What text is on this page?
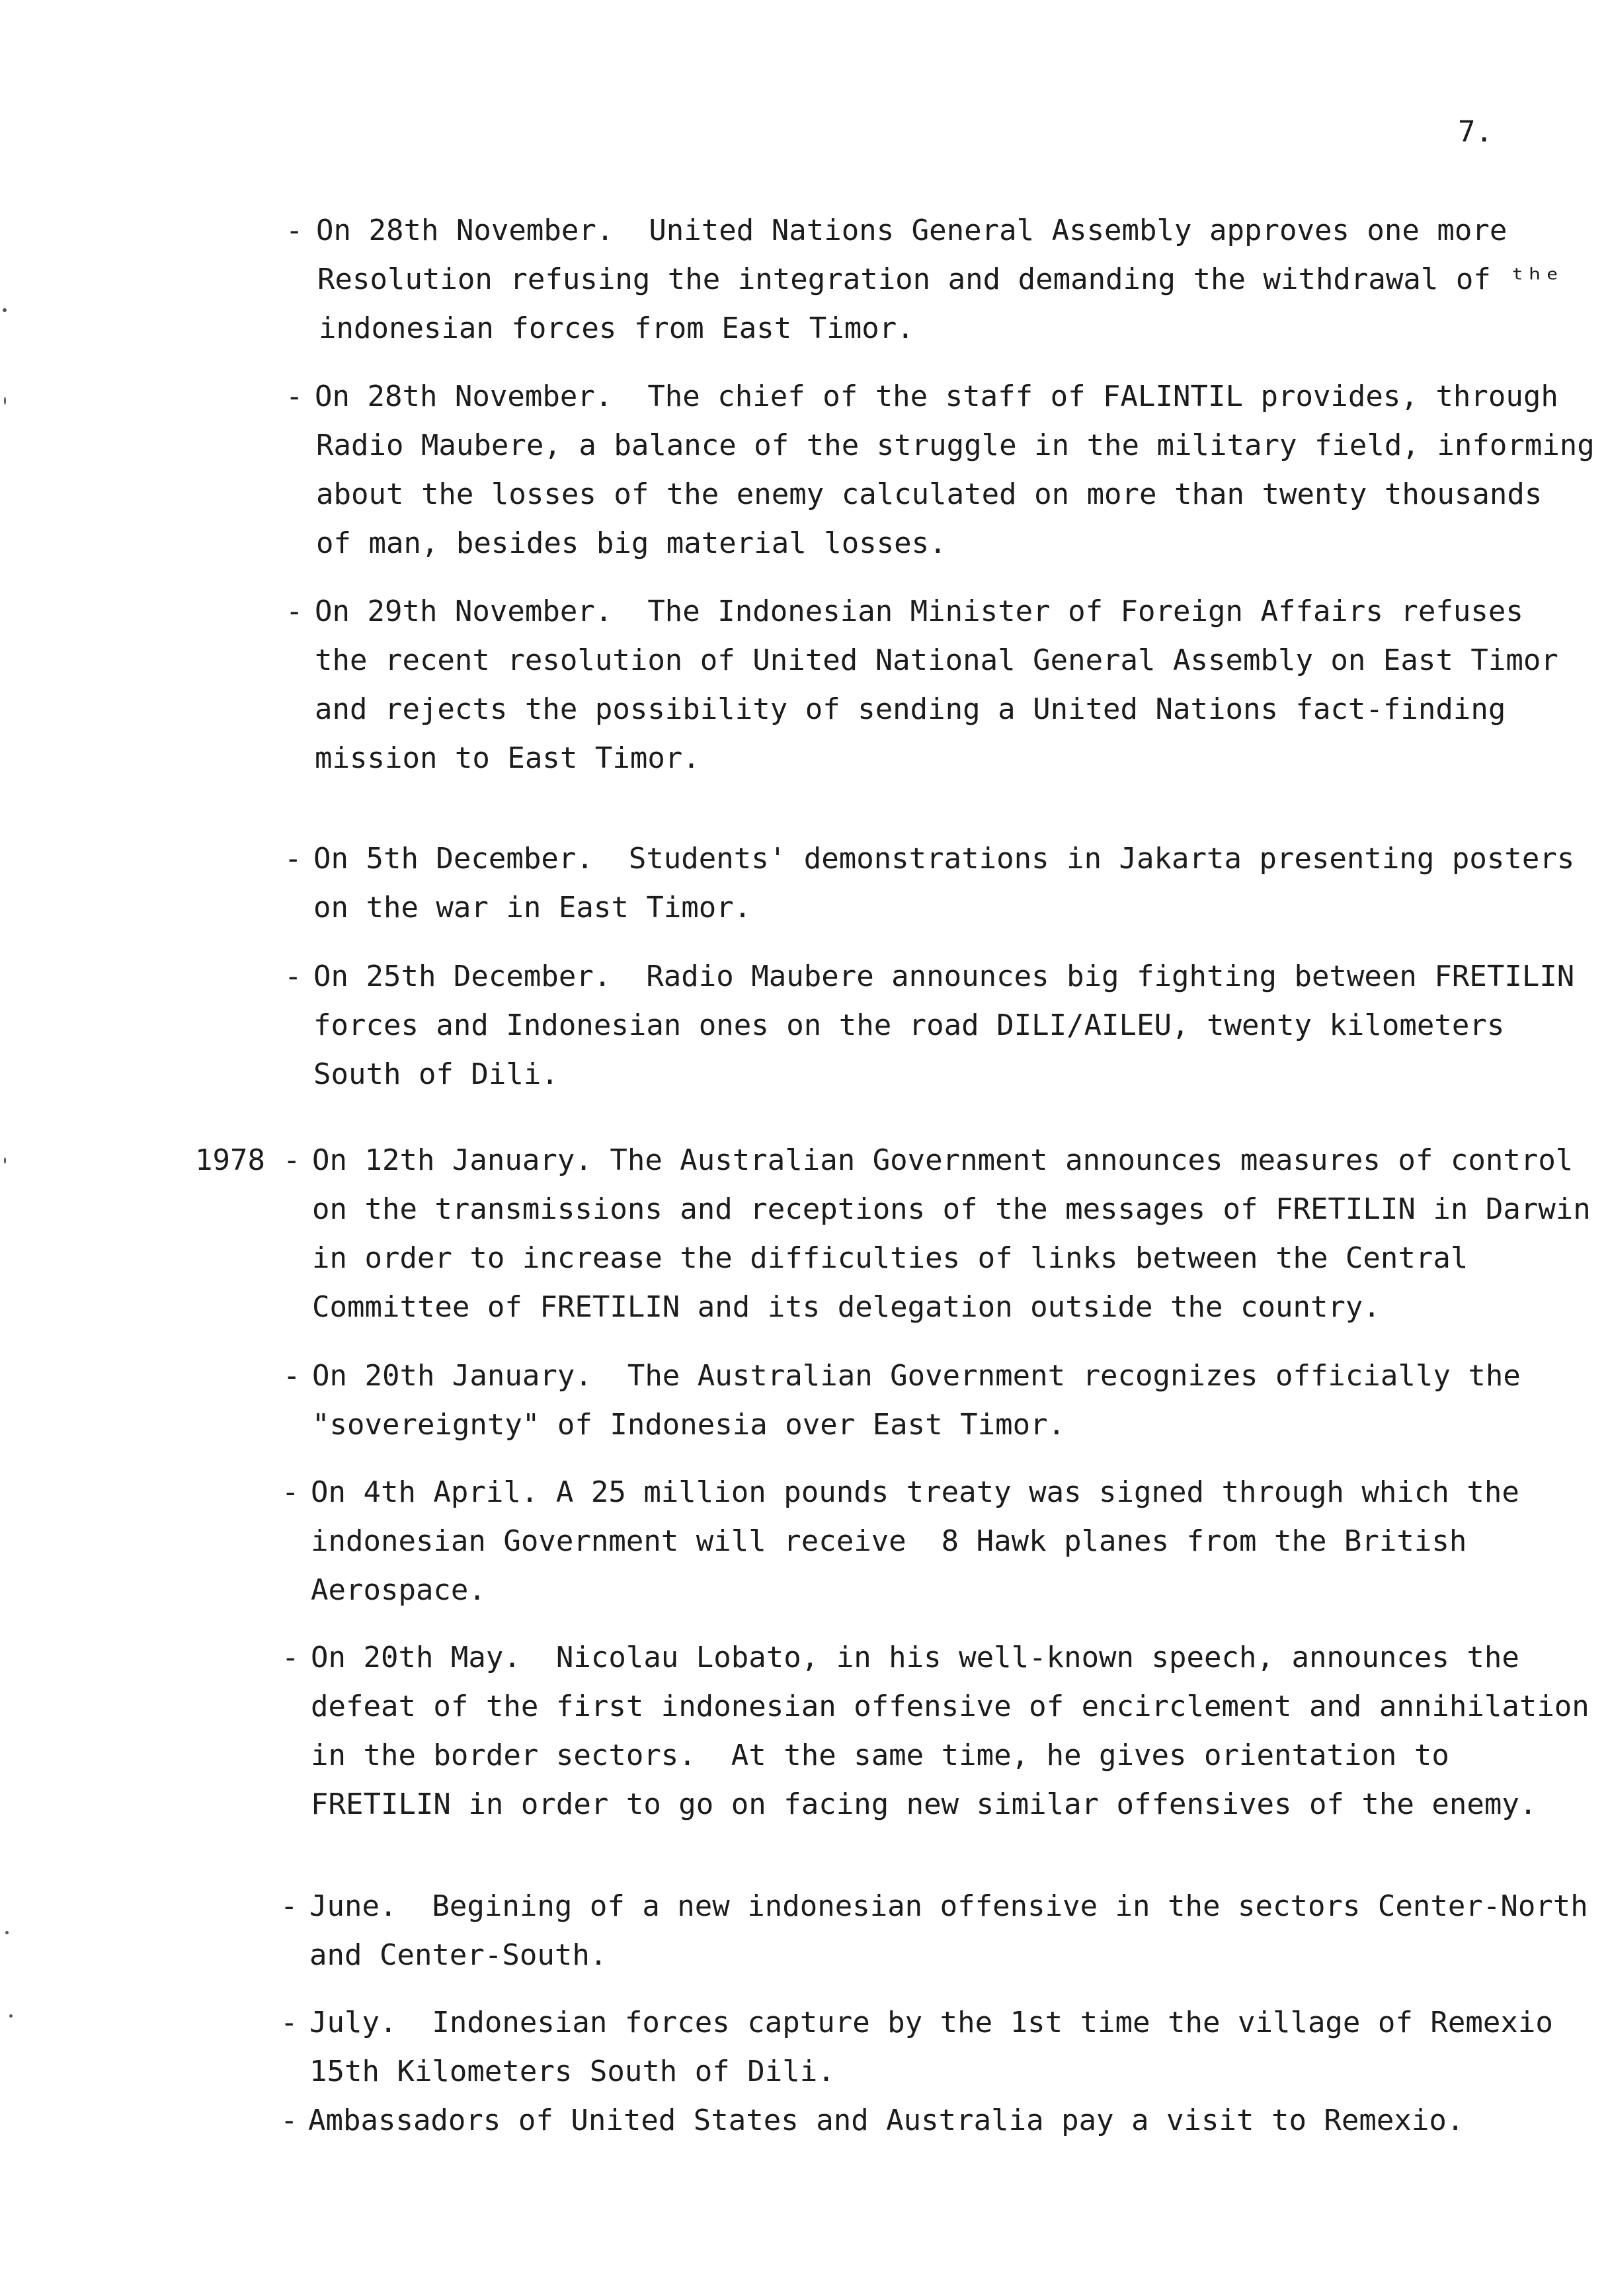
7.
- On 28th November.  United Nations General Assembly approves one more
Resolution refusing the integration and demanding the withdrawal of ᵗʰᵉ
indonesian forces from East Timor.
- On 28th November.  The chief of the staff of FALINTIL provides, through
Radio Maubere, a balance of the struggle in the military field, informing
about the losses of the enemy calculated on more than twenty thousands
of man, besides big material losses.
- On 29th November.  The Indonesian Minister of Foreign Affairs refuses
the recent resolution of United National General Assembly on East Timor
and rejects the possibility of sending a United Nations fact-finding
mission to East Timor.
- On 5th December.  Students' demonstrations in Jakarta presenting posters
on the war in East Timor.
- On 25th December.  Radio Maubere announces big fighting between FRETILIN
forces and Indonesian ones on the road DILI/AILEU, twenty kilometers
South of Dili.
1978 - On 12th January. The Australian Government announces measures of control
on the transmissions and receptions of the messages of FRETILIN in Darwin
in order to increase the difficulties of links between the Central
Committee of FRETILIN and its delegation outside the country.
- On 20th January.  The Australian Government recognizes officially the
"sovereignty" of Indonesia over East Timor.
- On 4th April. A 25 million pounds treaty was signed through which the
indonesian Government will receive  8 Hawk planes from the British
Aerospace.
- On 20th May.  Nicolau Lobato, in his well-known speech, announces the
defeat of the first indonesian offensive of encirclement and annihilation
in the border sectors.  At the same time, he gives orientation to
FRETILIN in order to go on facing new similar offensives of the enemy.
- June.  Begining of a new indonesian offensive in the sectors Center-North
and Center-South.
- July.  Indonesian forces capture by the 1st time the village of Remexio
15th Kilometers South of Dili.
- Ambassadors of United States and Australia pay a visit to Remexio.
